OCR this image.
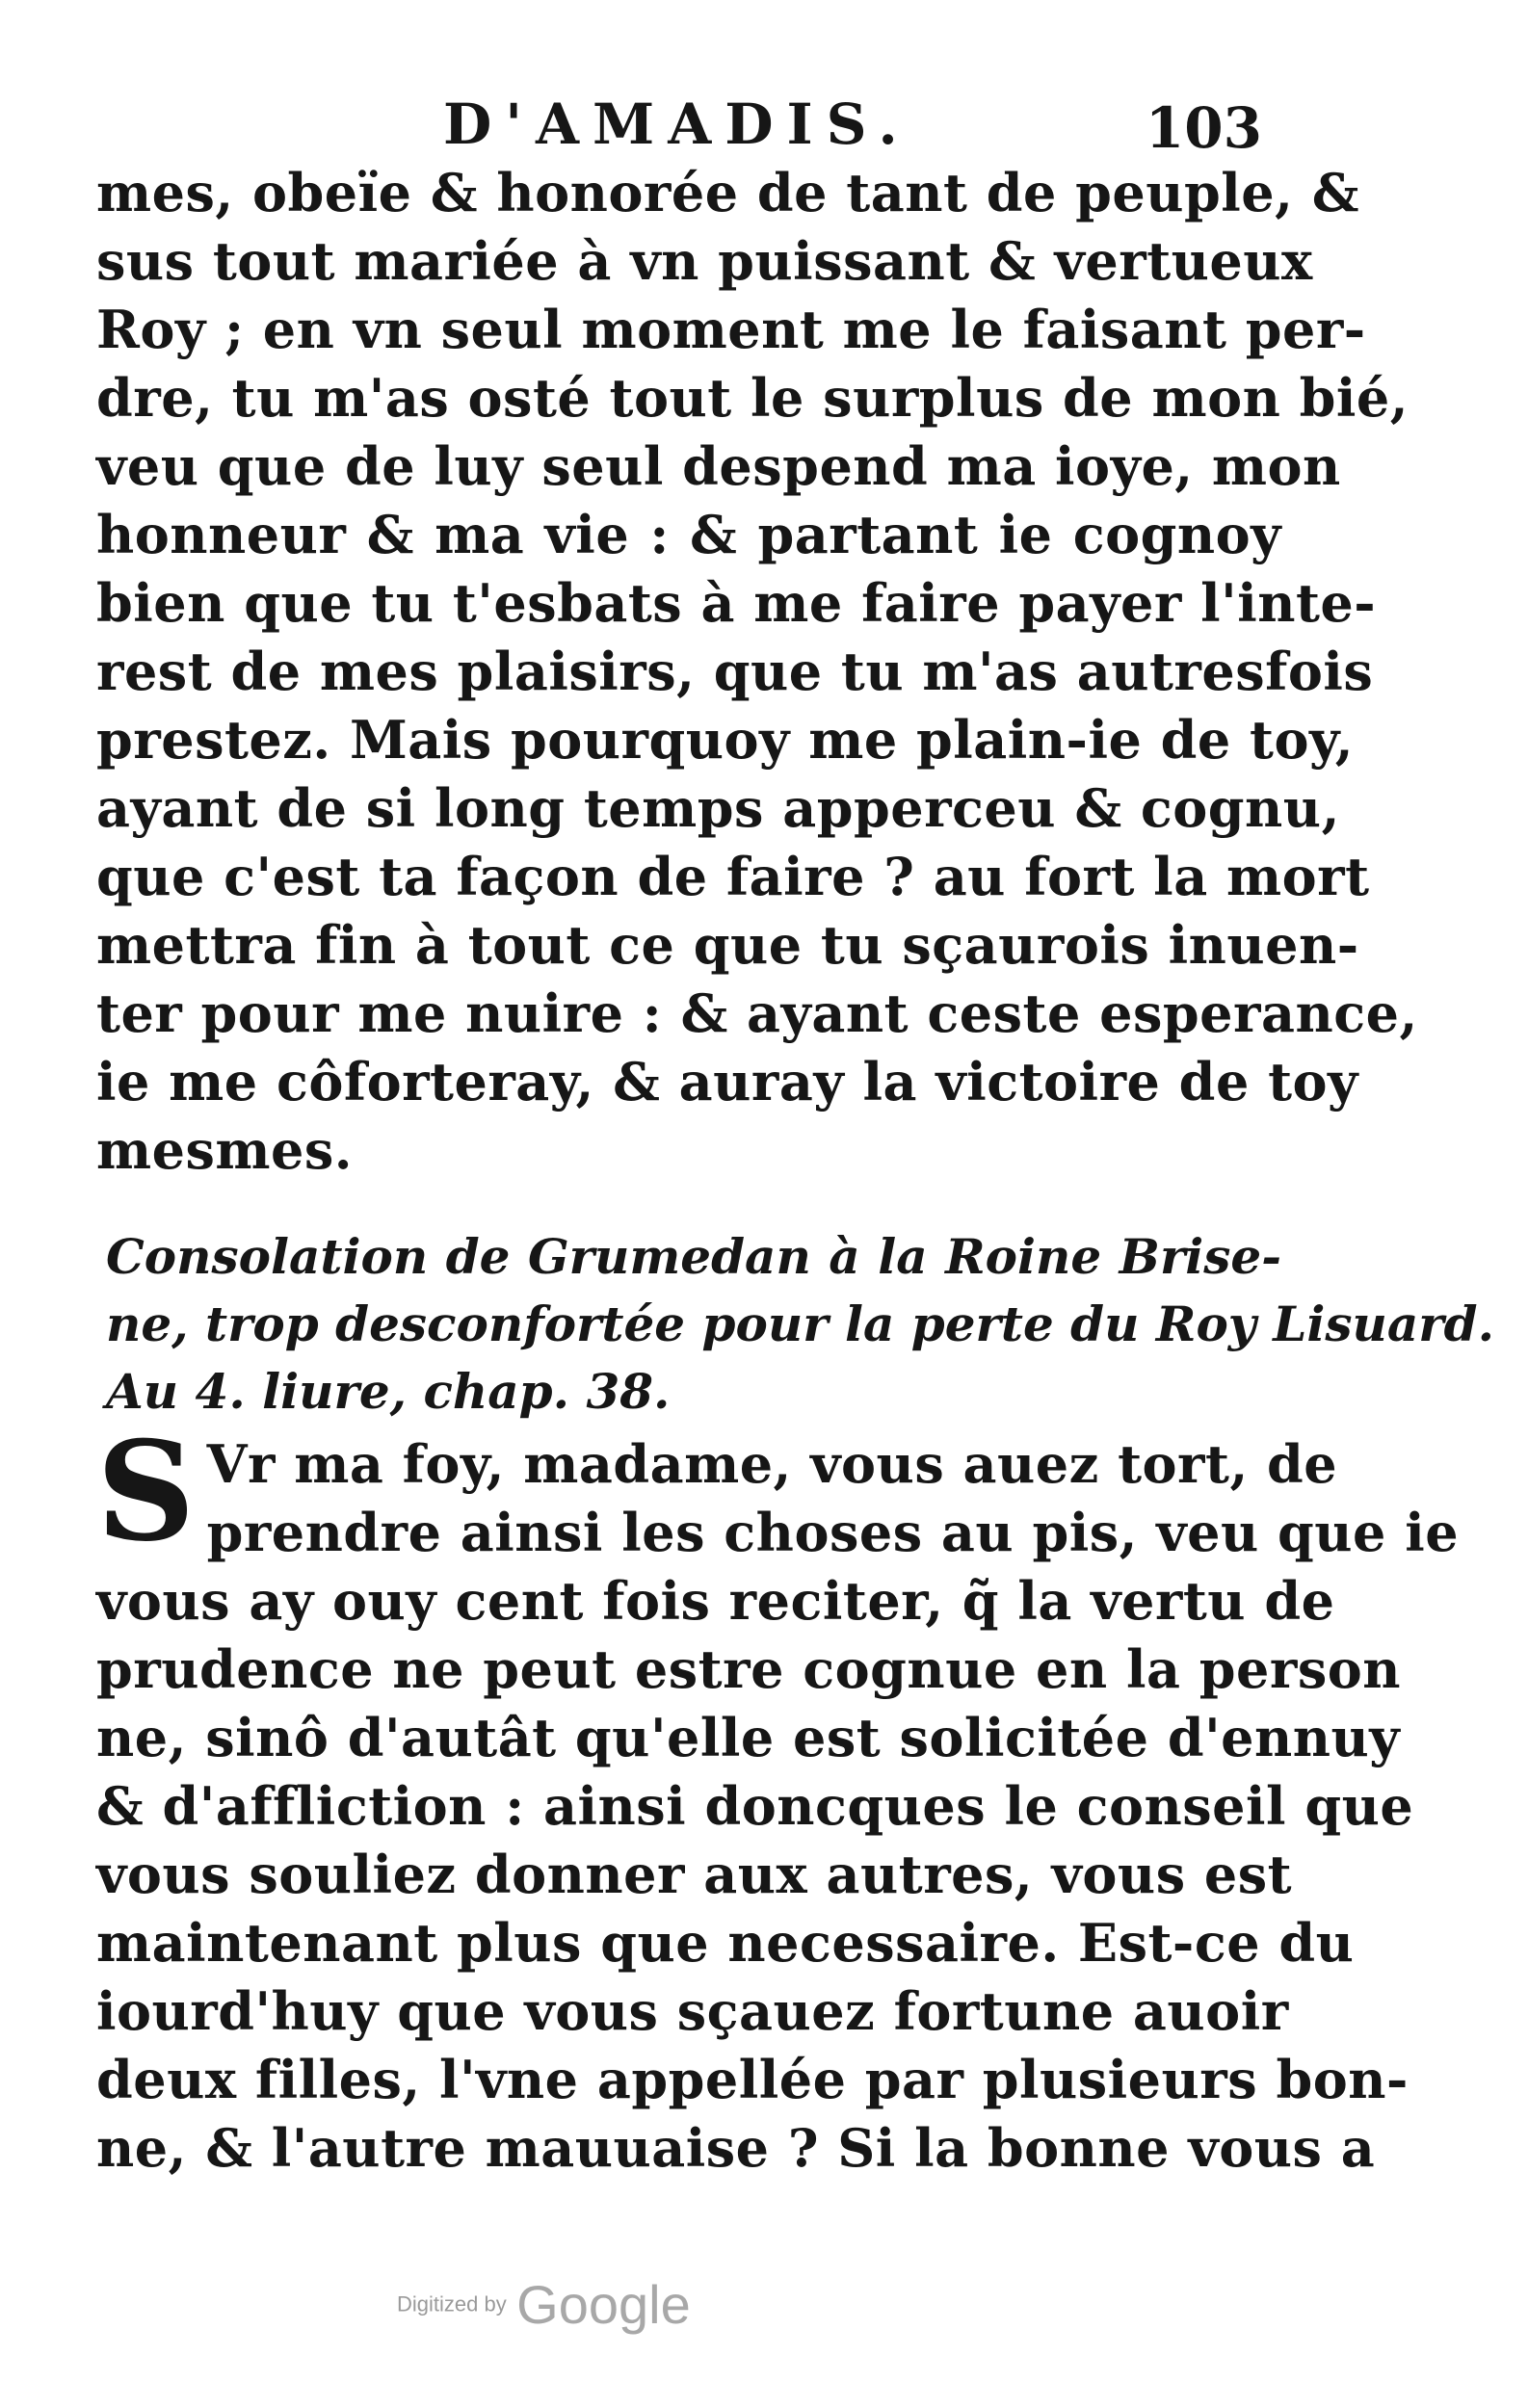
D'AMADIS.	103
mes, obeïe & honorée de tant de peuple, &
sus tout mariée à vn puissant & vertueux
Roy ; en vn seul moment me le faisant per-
dre, tu m'as osté tout le surplus de mon bié,
veu que de luy seul despend ma ioye, mon
honneur & ma vie : & partant ie cognoy
bien que tu t'esbats à me faire payer l'inte-
rest de mes plaisirs, que tu m'as autresfois
prestez. Mais pourquoy me plain-ie de toy,
ayant de si long temps apperceu & cognu,
que c'est ta façon de faire ? au fort la mort
mettra fin à tout ce que tu sçaurois inuen-
ter pour me nuire : & ayant ceste esperance,
ie me côforteray, & auray la victoire de toy
mesmes.
Consolation de Grumedan à la Roine Brise-
ne, trop desconfortée pour la perte du Roy Lisuard.
Au 4. liure, chap. 38.
S Vr ma foy, madame, vous auez tort, de
prendre ainsi les choses au pis, veu que ie
vous ay ouy cent fois reciter, q̃ la vertu de
prudence ne peut estre cognue en la person
ne, sinô d'autât qu'elle est solicitée d'ennuy
& d'affliction : ainsi doncques le conseil que
vous souliez donner aux autres, vous est
maintenant plus que necessaire. Est-ce du
iourd'huy que vous sçauez fortune auoir
deux filles, l'vne appellée par plusieurs bon-
ne, & l'autre mauuaise ? Si la bonne vous a
Digitized by Google
